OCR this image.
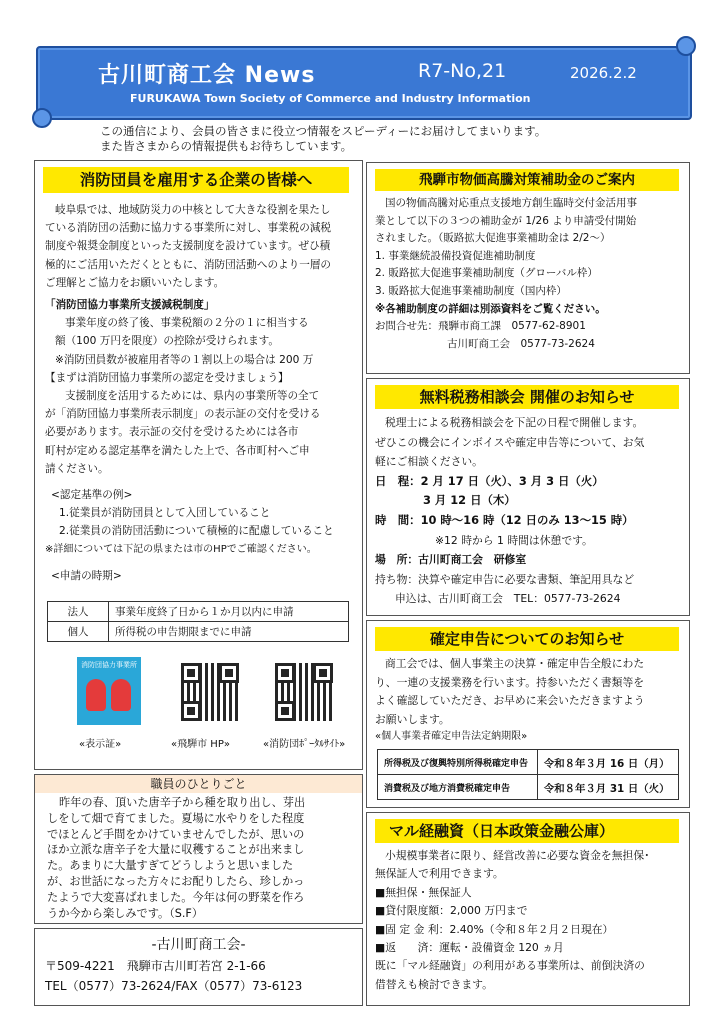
古川町商工会 News	R7-No,21	2026.2.2
FURUKAWA Town Society of Commerce and Industry Information

この通信により、会員の皆さまに役立つ情報をスピーディーにお届けしてまいります。

また皆さまからの情報提供もお待ちしています。

消防団員を雇用する企業の皆様へ

岐阜県では、地域防災力の中核として大きな役割を果たし

ている消防団の活動に協力する事業所に対し、事業税の減税

制度や報奨金制度といった支援制度を設けています。ぜひ積

極的にご活用いただくとともに、消防団活動へのより一層の

ご理解とご協力をお願いいたします。

「消防団協力事業所支援減税制度」

事業年度の終了後、事業税額の２分の１に相当する

額（100 万円を限度）の控除が受けられます。

※消防団員数が被雇用者等の１割以上の場合は 200 万

【まずは消防団協力事業所の認定を受けましょう】

支援制度を活用するためには、県内の事業所等の全て

が「消防団協力事業所表示制度」の表示証の交付を受ける

必要があります。表示証の交付を受けるためには各市

町村が定める認定基準を満たした上で、各市町村へご申

請ください。

<認定基準の例>

1.従業員が消防団員として入団していること

2.従業員の消防団活動について積極的に配慮していること

※詳細については下記の県または市のHPでご確認ください。

<申請の時期>

法人	事業年度終了日から１か月以内に申請
個人	所得税の申告期限までに申請
消防団協力事業所
«表示証»	«飛騨市 HP»	«消防団ﾎﾟｰﾀﾙｻｲﾄ»
職員のひとりごと

昨年の春、頂いた唐辛子から種を取り出し、芽出

しをして畑で育てました。夏場に水やりをした程度

でほとんど手間をかけていませんでしたが、思いの

ほか立派な唐辛子を大量に収穫することが出来まし

た。あまりに大量すぎてどうしようと思いました

が、お世話になった方々にお配りしたら、珍しかっ

たようで大変喜ばれました。今年は何の野菜を作ろ

うか今から楽しみです。（S.F）

-古川町商工会-
〒509-4221　飛騨市古川町若宮 2-1-66
TEL（0577）73-2624/FAX（0577）73-6123
飛騨市物価高騰対策補助金のご案内

国の物価高騰対応重点支援地方創生臨時交付金活用事

業として以下の３つの補助金が 1/26 より申請受付開始

されました。（販路拡大促進事業補助金は 2/2～）

1. 事業継続設備投資促進補助制度

2. 販路拡大促進事業補助制度（グローバル枠）

3. 販路拡大促進事業補助制度（国内枠）

※各補助制度の詳細は別添資料をご覧ください。

お問合せ先：飛騨市商工課　0577-62-8901

古川町商工会　0577-73-2624

無料税務相談会 開催のお知らせ

税理士による税務相談会を下記の日程で開催します。

ぜひこの機会にインボイスや確定申告等について、お気

軽にご相談ください。

日　程：2 月 17 日（火）、3 月 3 日（火）

3 月 12 日（木）

時　間：10 時～16 時（12 日のみ 13～15 時）

※12 時から 1 時間は休憩です。

場　所：古川町商工会　研修室

持ち物：決算や確定申告に必要な書類、筆記用具など

申込は、古川町商工会　TEL：0577-73-2624

確定申告についてのお知らせ

商工会では、個人事業主の決算・確定申告全般にわた

り、一連の支援業務を行います。持参いただく書類等を

よく確認していただき、お早めに来会いただきますよう

お願いします。

«個人事業者確定申告法定納期限»

所得税及び復興特別所得税確定申告	令和８年３月 16 日（月）
消費税及び地方消費税確定申告	令和８年３月 31 日（火）
マル経融資（日本政策金融公庫）

小規模事業者に限り、経営改善に必要な資金を無担保･

無保証人で利用できます。

■無担保・無保証人

■貸付限度額：2,000 万円まで

■固 定 金 利：2.40%（令和８年２月２日現在）

■返　　済：運転・設備資金 120 ヵ月

既に「マル経融資」の利用がある事業所は、前倒決済の

借替えも検討できます。
